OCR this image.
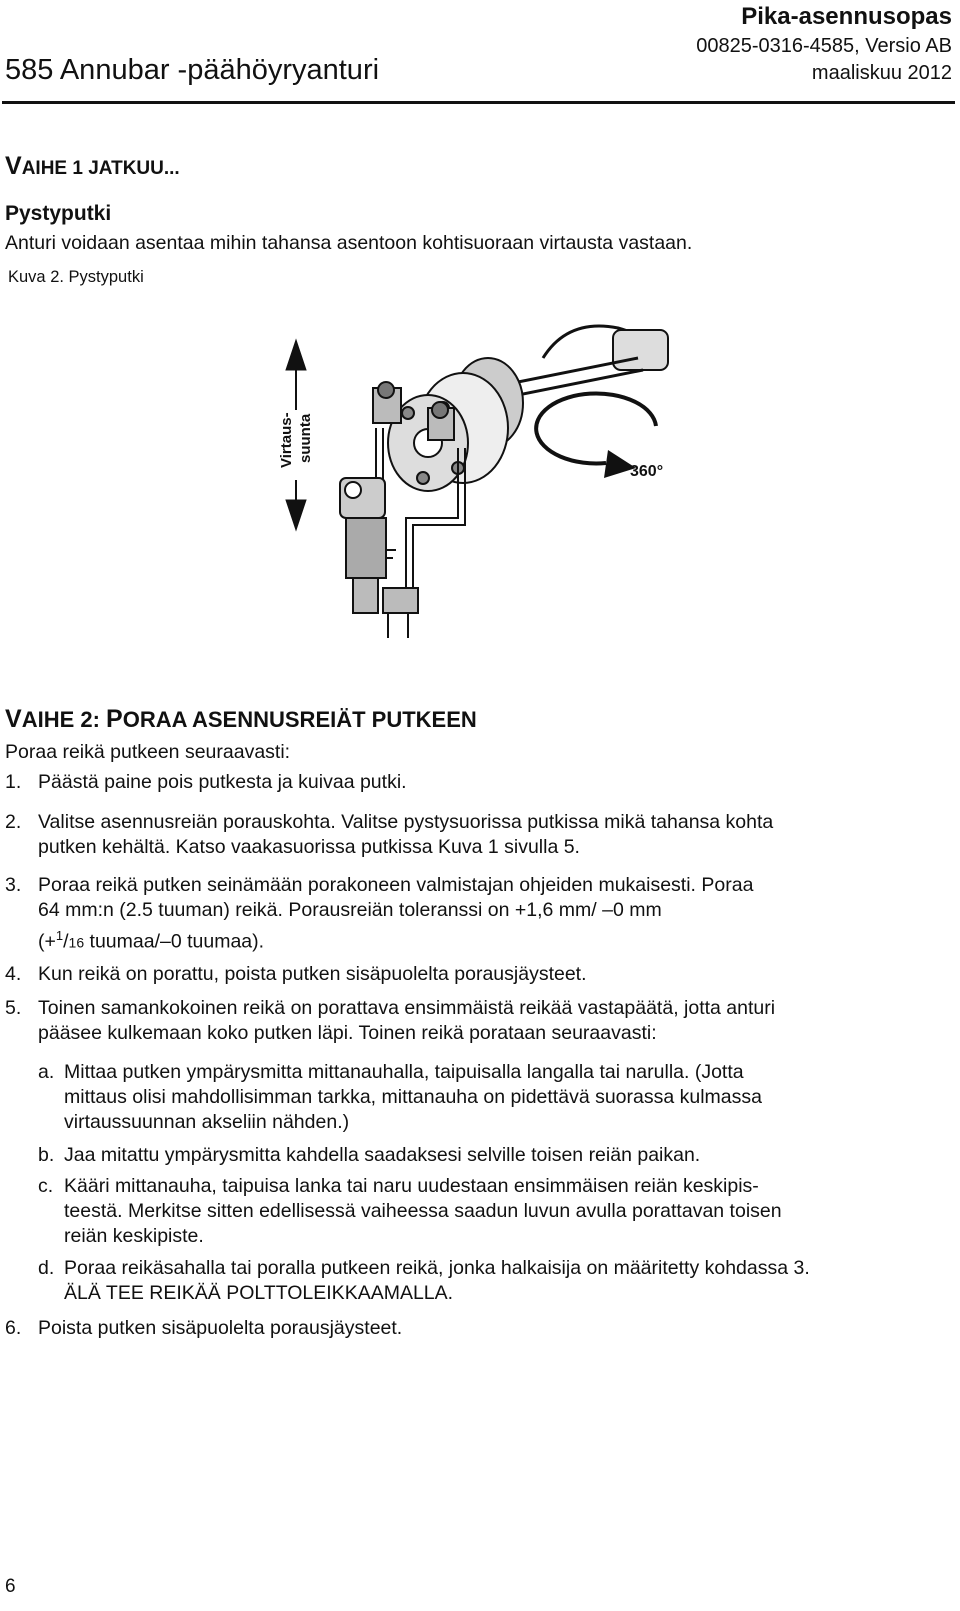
585 Annubar -päähöyryanturi
Pika-asennusopas
00825-0316-4585, Versio AB
maaliskuu 2012
VAIHE 1 JATKUU...
Pystyputki
Anturi voidaan asentaa mihin tahansa asentoon kohtisuoraan virtausta vastaan.
Kuva 2. Pystyputki
Virtaus- suunta
360°
VAIHE 2: PORAA ASENNUSREIÄT PUTKEEN
Poraa reikä putkeen seuraavasti:
1. Päästä paine pois putkesta ja kuivaa putki.
2. Valitse asennusreiän porauskohta. Valitse pystysuorissa putkissa mikä tahansa kohta
putken kehältä. Katso vaakasuorissa putkissa Kuva 1 sivulla 5.
3. Poraa reikä putken seinämään porakoneen valmistajan ohjeiden mukaisesti. Poraa
64 mm:n (2.5 tuuman) reikä. Porausreiän toleranssi on +1,6 mm/ –0 mm
(+$^1$/16 tuumaa/–0 tuumaa).
4. Kun reikä on porattu, poista putken sisäpuolelta porausjäysteet.
5. Toinen samankokoinen reikä on porattava ensimmäistä reikää vastapäätä, jotta anturi
pääsee kulkemaan koko putken läpi. Toinen reikä porataan seuraavasti:
a. Mittaa putken ympärysmitta mittanauhalla, taipuisalla langalla tai narulla. (Jotta
mittaus olisi mahdollisimman tarkka, mittanauha on pidettävä suorassa kulmassa
virtaussuunnan akseliin nähden.)
b. Jaa mitattu ympärysmitta kahdella saadaksesi selville toisen reiän paikan.
c. Kääri mittanauha, taipuisa lanka tai naru uudestaan ensimmäisen reiän keskipis-
teestä. Merkitse sitten edellisessä vaiheessa saadun luvun avulla porattavan toisen
reiän keskipiste.
d. Poraa reikäsahalla tai poralla putkeen reikä, jonka halkaisija on määritetty kohdassa 3.
ÄLÄ TEE REIKÄÄ POLTTOLEIKKAAMALLA.
6. Poista putken sisäpuolelta porausjäysteet.
6
